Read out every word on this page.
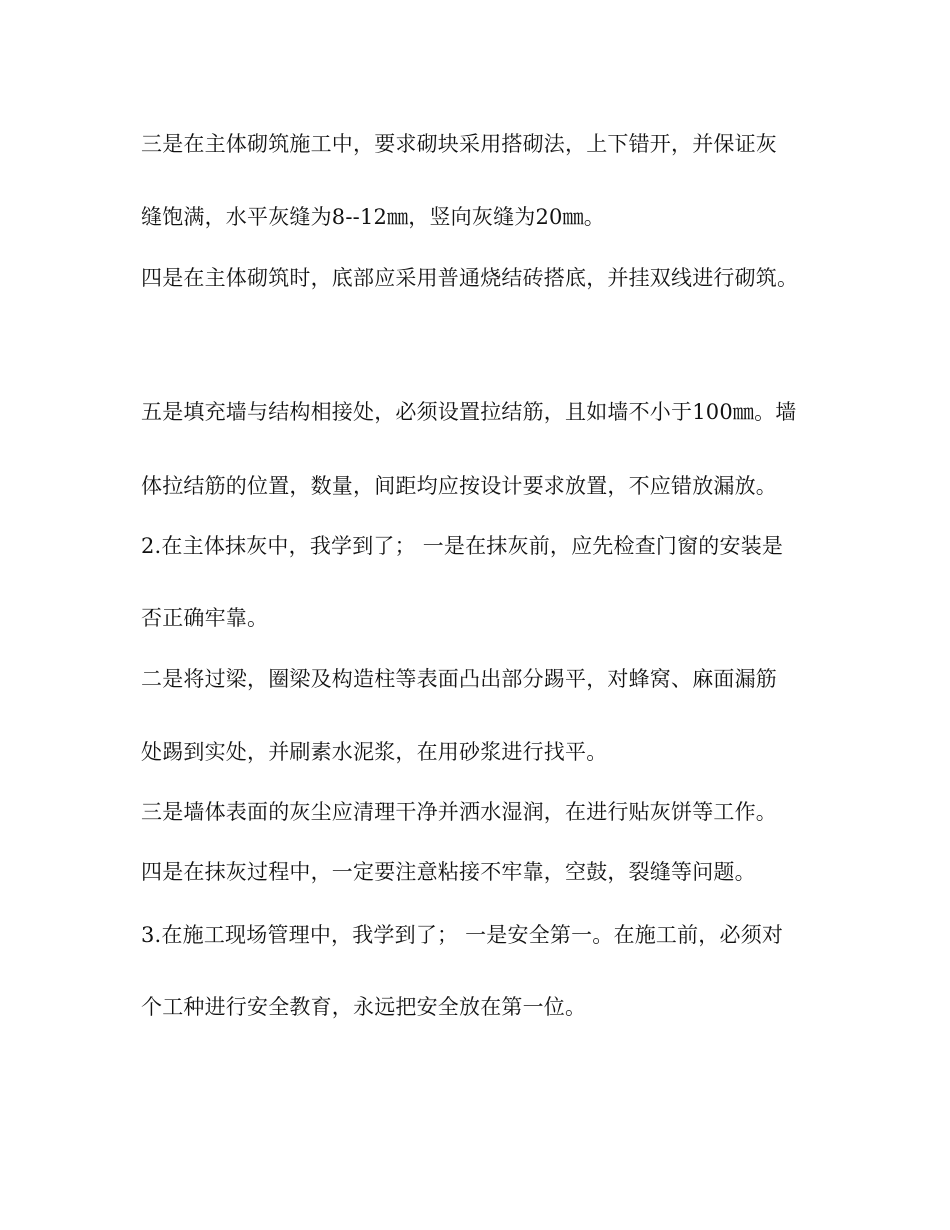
三是在主体砌筑施工中，要求砌块采用搭砌法，上下错开，并保证灰
缝饱满，水平灰缝为8--12㎜，竖向灰缝为20㎜。
四是在主体砌筑时，底部应采用普通烧结砖搭底，并挂双线进行砌筑。
五是填充墙与结构相接处，必须设置拉结筋，且如墙不小于100㎜。墙
体拉结筋的位置，数量，间距均应按设计要求放置，不应错放漏放。
2.在主体抹灰中，我学到了； 一是在抹灰前，应先检查门窗的安装是
否正确牢靠。
二是将过梁，圈梁及构造柱等表面凸出部分踢平，对蜂窝、麻面漏筋
处踢到实处，并刷素水泥浆，在用砂浆进行找平。
三是墙体表面的灰尘应清理干净并洒水湿润，在进行贴灰饼等工作。
四是在抹灰过程中，一定要注意粘接不牢靠，空鼓，裂缝等问题。
3.在施工现场管理中，我学到了； 一是安全第一。在施工前，必须对
个工种进行安全教育，永远把安全放在第一位。
